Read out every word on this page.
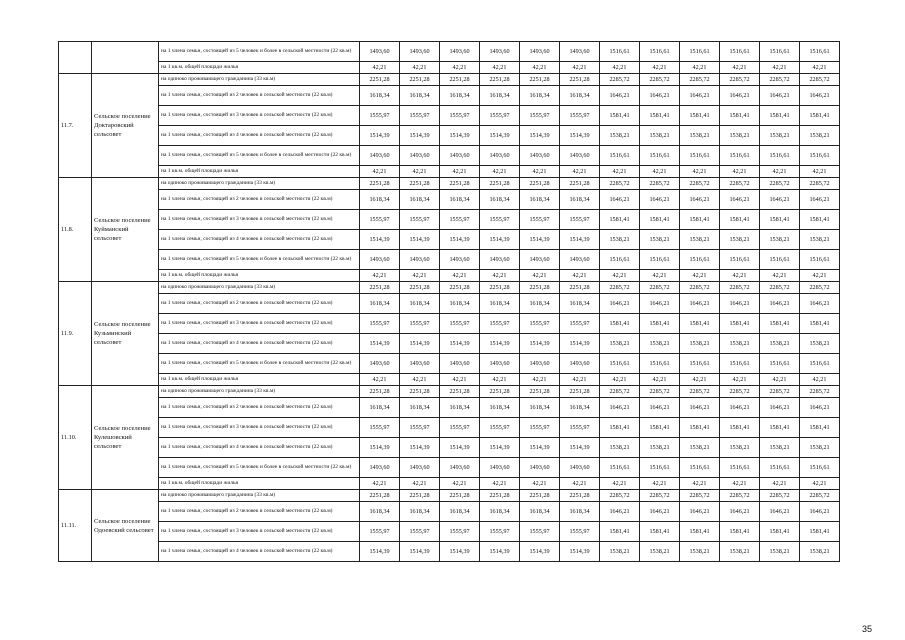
		на 1 члена семьи, состоящей из 5 человек и более в сельской местности (22 кв.м)	1493,60	1493,60	1493,60	1493,60	1493,60	1493,60	1516,61	1516,61	1516,61	1516,61	1516,61	1516,61
		на 1 кв.м. общей площади жилья	42,21	42,21	42,21	42,21	42,21	42,21	42,21	42,21	42,21	42,21	42,21	42,21
11.7.	Сельское поселение Доктаровский сельсовет	на одиноко проживающего гражданина (33 кв.м)	2251,28	2251,28	2251,28	2251,28	2251,28	2251,28	2285,72	2285,72	2285,72	2285,72	2285,72	2285,72
		на 1 члена семьи, состоящей из 2 человек в сельской местности (22 кв.м)	1618,34	1618,34	1618,34	1618,34	1618,34	1618,34	1646,21	1646,21	1646,21	1646,21	1646,21	1646,21
		на 1 члена семьи, состоящей из 3 человек в сельской местности (22 кв.м)	1555,97	1555,97	1555,97	1555,97	1555,97	1555,97	1581,41	1581,41	1581,41	1581,41	1581,41	1581,41
		на 1 члена семьи, состоящей из 4 человек в сельской местности (22 кв.м)	1514,39	1514,39	1514,39	1514,39	1514,39	1514,39	1538,21	1538,21	1538,21	1538,21	1538,21	1538,21
		на 1 члена семьи, состоящей из 5 человек и более в сельской местности (22 кв.м)	1493,60	1493,60	1493,60	1493,60	1493,60	1493,60	1516,61	1516,61	1516,61	1516,61	1516,61	1516,61
		на 1 кв.м. общей площади жилья	42,21	42,21	42,21	42,21	42,21	42,21	42,21	42,21	42,21	42,21	42,21	42,21
11.8.	Сельское поселение Куйманский сельсовет	на одиноко проживающего гражданина (33 кв.м)	2251,28	2251,28	2251,28	2251,28	2251,28	2251,28	2285,72	2285,72	2285,72	2285,72	2285,72	2285,72
		на 1 члена семьи, состоящей из 2 человек в сельской местности (22 кв.м)	1618,34	1618,34	1618,34	1618,34	1618,34	1618,34	1646,21	1646,21	1646,21	1646,21	1646,21	1646,21
		на 1 члена семьи, состоящей из 3 человек в сельской местности (22 кв.м)	1555,97	1555,97	1555,97	1555,97	1555,97	1555,97	1581,41	1581,41	1581,41	1581,41	1581,41	1581,41
		на 1 члена семьи, состоящей из 4 человек в сельской местности (22 кв.м)	1514,39	1514,39	1514,39	1514,39	1514,39	1514,39	1538,21	1538,21	1538,21	1538,21	1538,21	1538,21
		на 1 члена семьи, состоящей из 5 человек и более в сельской местности (22 кв.м)	1493,60	1493,60	1493,60	1493,60	1493,60	1493,60	1516,61	1516,61	1516,61	1516,61	1516,61	1516,61
		на 1 кв.м. общей площади жилья	42,21	42,21	42,21	42,21	42,21	42,21	42,21	42,21	42,21	42,21	42,21	42,21
11.9.	Сельское поселение Кузьминский сельсовет	на одиноко проживающего гражданина (33 кв.м)	2251,28	2251,28	2251,28	2251,28	2251,28	2251,28	2285,72	2285,72	2285,72	2285,72	2285,72	2285,72
		на 1 члена семьи, состоящей из 2 человек в сельской местности (22 кв.м)	1618,34	1618,34	1618,34	1618,34	1618,34	1618,34	1646,21	1646,21	1646,21	1646,21	1646,21	1646,21
		на 1 члена семьи, состоящей из 3 человек в сельской местности (22 кв.м)	1555,97	1555,97	1555,97	1555,97	1555,97	1555,97	1581,41	1581,41	1581,41	1581,41	1581,41	1581,41
		на 1 члена семьи, состоящей из 4 человек в сельской местности (22 кв.м)	1514,39	1514,39	1514,39	1514,39	1514,39	1514,39	1538,21	1538,21	1538,21	1538,21	1538,21	1538,21
		на 1 члена семьи, состоящей из 5 человек и более в сельской местности (22 кв.м)	1493,60	1493,60	1493,60	1493,60	1493,60	1493,60	1516,61	1516,61	1516,61	1516,61	1516,61	1516,61
		на 1 кв.м. общей площади жилья	42,21	42,21	42,21	42,21	42,21	42,21	42,21	42,21	42,21	42,21	42,21	42,21
11.10.	Сельское поселение Кулешовский сельсовет	на одиноко проживающего гражданина (33 кв.м)	2251,28	2251,28	2251,28	2251,28	2251,28	2251,28	2285,72	2285,72	2285,72	2285,72	2285,72	2285,72
		на 1 члена семьи, состоящей из 2 человек в сельской местности (22 кв.м)	1618,34	1618,34	1618,34	1618,34	1618,34	1618,34	1646,21	1646,21	1646,21	1646,21	1646,21	1646,21
		на 1 члена семьи, состоящей из 3 человек в сельской местности (22 кв.м)	1555,97	1555,97	1555,97	1555,97	1555,97	1555,97	1581,41	1581,41	1581,41	1581,41	1581,41	1581,41
		на 1 члена семьи, состоящей из 4 человек в сельской местности (22 кв.м)	1514,39	1514,39	1514,39	1514,39	1514,39	1514,39	1538,21	1538,21	1538,21	1538,21	1538,21	1538,21
		на 1 члена семьи, состоящей из 5 человек и более в сельской местности (22 кв.м)	1493,60	1493,60	1493,60	1493,60	1493,60	1493,60	1516,61	1516,61	1516,61	1516,61	1516,61	1516,61
		на 1 кв.м. общей площади жилья	42,21	42,21	42,21	42,21	42,21	42,21	42,21	42,21	42,21	42,21	42,21	42,21
11.11.	Сельское поселение Одоевский сельсовет	на одиноко проживающего гражданина (33 кв.м)	2251,28	2251,28	2251,28	2251,28	2251,28	2251,28	2285,72	2285,72	2285,72	2285,72	2285,72	2285,72
		на 1 члена семьи, состоящей из 2 человек в сельской местности (22 кв.м)	1618,34	1618,34	1618,34	1618,34	1618,34	1618,34	1646,21	1646,21	1646,21	1646,21	1646,21	1646,21
		на 1 члена семьи, состоящей из 3 человек в сельской местности (22 кв.м)	1555,97	1555,97	1555,97	1555,97	1555,97	1555,97	1581,41	1581,41	1581,41	1581,41	1581,41	1581,41
		на 1 члена семьи, состоящей из 4 человек в сельской местности (22 кв.м)	1514,39	1514,39	1514,39	1514,39	1514,39	1514,39	1538,21	1538,21	1538,21	1538,21	1538,21	1538,21
35
